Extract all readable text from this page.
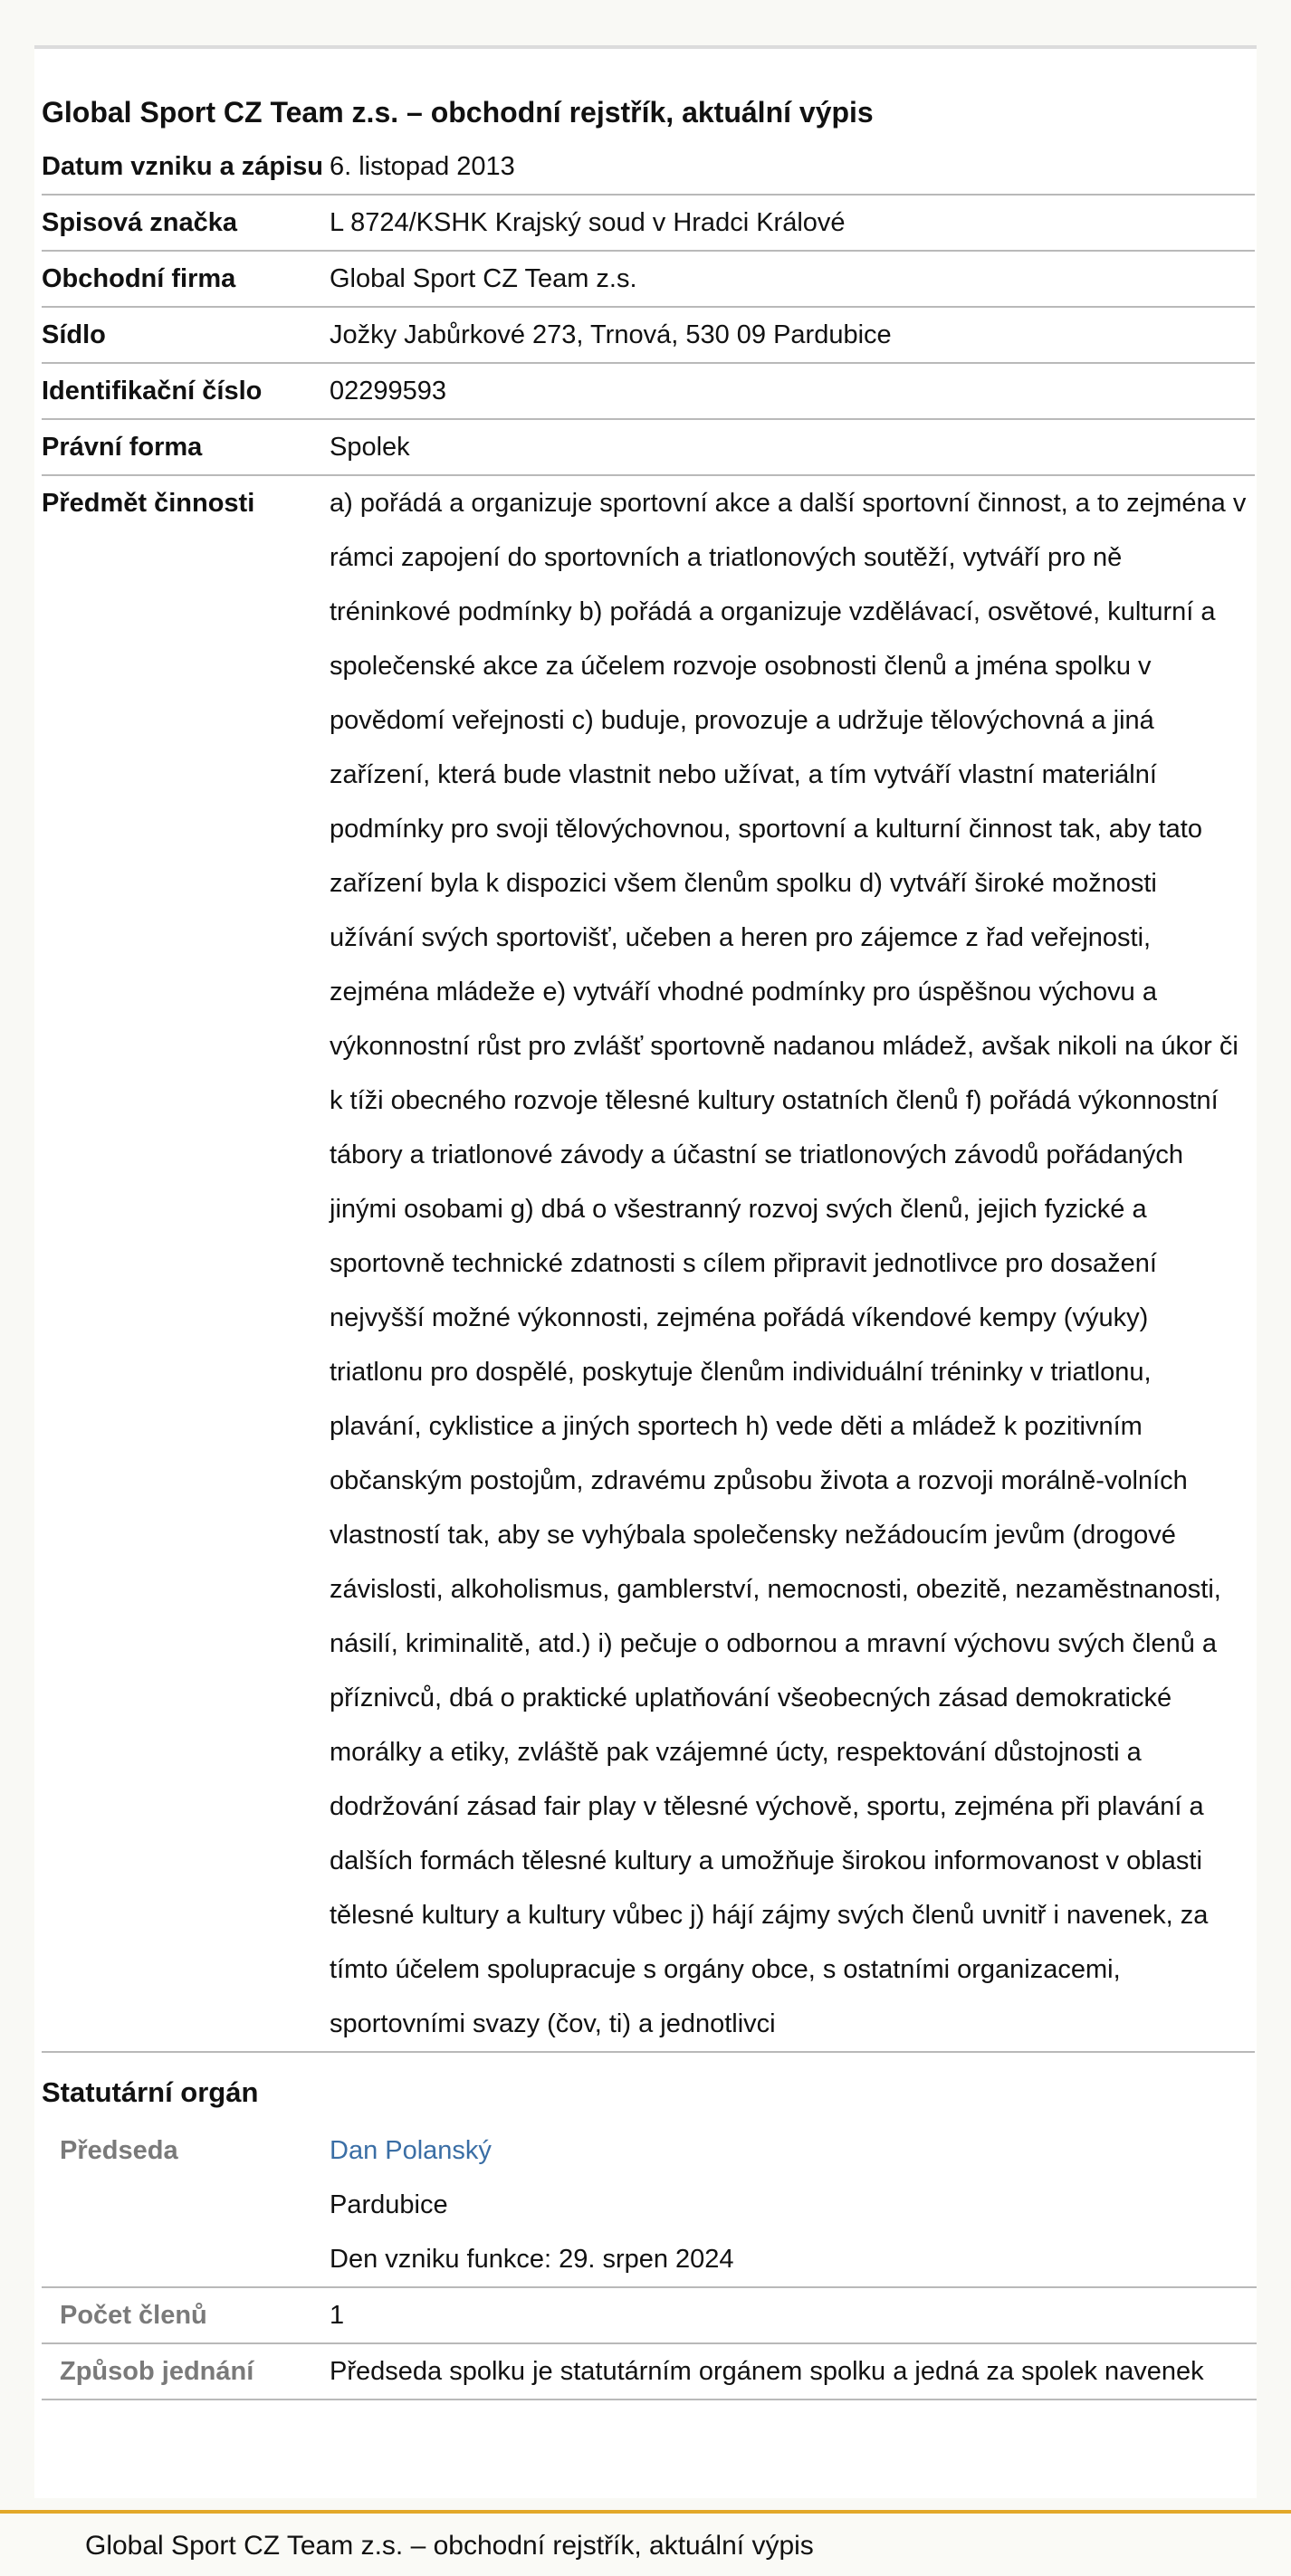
Global Sport CZ Team z.s. – obchodní rejstřík, aktuální výpis
Datum vzniku a zápisu 6. listopad 2013
Spisová značka	L 8724/KSHK Krajský soud v Hradci Králové
Obchodní firma	Global Sport CZ Team z.s.
Sídlo	Jožky Jabůrkové 273, Trnová, 530 09 Pardubice
Identifikační číslo	02299593
Právní forma	Spolek
Předmět činnosti	a) pořádá a organizuje sportovní akce a další sportovní činnost, a to zejména v rámci zapojení do sportovních a triatlonových soutěží, vytváří pro ně tréninkové podmínky b) pořádá a organizuje vzdělávací, osvětové, kulturní a společenské akce za účelem rozvoje osobnosti členů a jména spolku v povědomí veřejnosti c) buduje, provozuje a udržuje tělovýchovná a jiná zařízení, která bude vlastnit nebo užívat, a tím vytváří vlastní materiální podmínky pro svoji tělovýchovnou, sportovní a kulturní činnost tak, aby tato zařízení byla k dispozici všem členům spolku d) vytváří široké možnosti užívání svých sportovišť, učeben a heren pro zájemce z řad veřejnosti, zejména mládeže e) vytváří vhodné podmínky pro úspěšnou výchovu a výkonnostní růst pro zvlášť sportovně nadanou mládež, avšak nikoli na úkor či k tíži obecného rozvoje tělesné kultury ostatních členů f) pořádá výkonnostní tábory a triatlonové závody a účastní se triatlonových závodů pořádaných jinými osobami g) dbá o všestranný rozvoj svých členů, jejich fyzické a sportovně technické zdatnosti s cílem připravit jednotlivce pro dosažení nejvyšší možné výkonnosti, zejména pořádá víkendové kempy (výuky) triatlonu pro dospělé, poskytuje členům individuální tréninky v triatlonu, plavání, cyklistice a jiných sportech h) vede děti a mládež k pozitivním občanským postojům, zdravému způsobu života a rozvoji morálně-volních vlastností tak, aby se vyhýbala společensky nežádoucím jevům (drogové závislosti, alkoholismus, gamblerství, nemocnosti, obezitě, nezaměstnanosti, násilí, kriminalitě, atd.) i) pečuje o odbornou a mravní výchovu svých členů a příznivců, dbá o praktické uplatňování všeobecných zásad demokratické morálky a etiky, zvláště pak vzájemné úcty, respektování důstojnosti a dodržování zásad fair play v tělesné výchově, sportu, zejména při plavání a dalších formách tělesné kultury a umožňuje širokou informovanost v oblasti tělesné kultury a kultury vůbec j) hájí zájmy svých členů uvnitř i navenek, za tímto účelem spolupracuje s orgány obce, s ostatními organizacemi, sportovními svazy (čov, ti) a jednotlivci
Statutární orgán
Předseda	Dan Polanský
Pardubice
Den vzniku funkce: 29. srpen 2024
Počet členů	1
Způsob jednání	Předseda spolku je statutárním orgánem spolku a jedná za spolek navenek
Global Sport CZ Team z.s. – obchodní rejstřík, aktuální výpis
